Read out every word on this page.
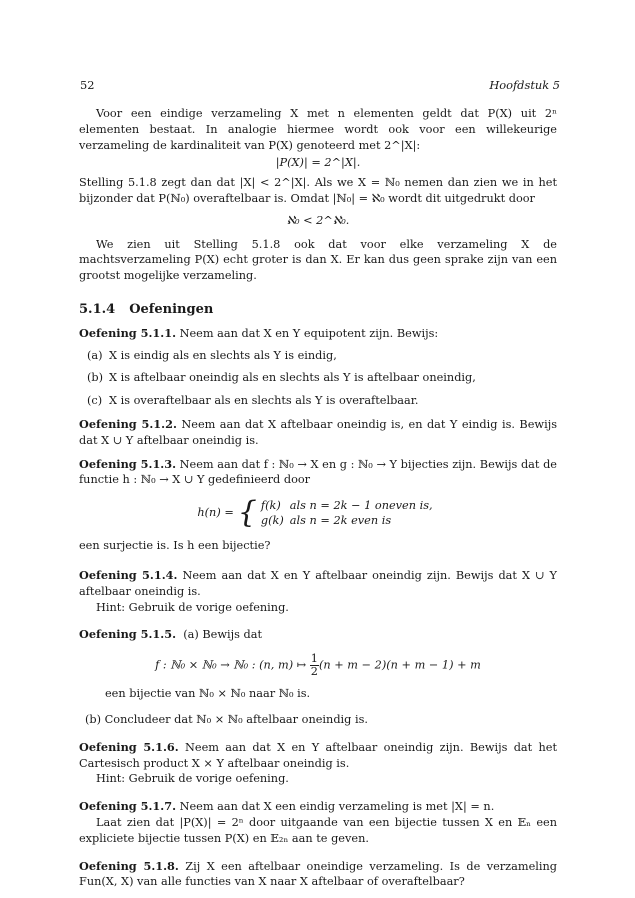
52	Hoofdstuk 5

Voor een eindige verzameling X met n elementen geldt dat P(X) uit 2ⁿ elementen bestaat. In analogie hiermee wordt ook voor een willekeurige verzameling de kardinaliteit van P(X) genoteerd met 2^|X|:

|P(X)| = 2^|X|.

Stelling 5.1.8 zegt dan dat |X| < 2^|X|. Als we X = ℕ₀ nemen dan zien we in het bijzonder dat P(ℕ₀) overaftelbaar is. Omdat |ℕ₀| = ℵ₀ wordt dit uitgedrukt door

ℵ₀ < 2^ℵ₀.

We zien uit Stelling 5.1.8 ook dat voor elke verzameling X de machtsverzameling P(X) echt groter is dan X. Er kan dus geen sprake zijn van een grootst mogelijke verzameling.

5.1.4 Oefeningen

Oefening 5.1.1. Neem aan dat X en Y equipotent zijn. Bewijs:

(a) X is eindig als en slechts als Y is eindig,
(b) X is aftelbaar oneindig als en slechts als Y is aftelbaar oneindig,
(c) X is overaftelbaar als en slechts als Y is overaftelbaar.

Oefening 5.1.2. Neem aan dat X aftelbaar oneindig is, en dat Y eindig is. Bewijs dat X ∪ Y aftelbaar oneindig is.

Oefening 5.1.3. Neem aan dat f : ℕ₀ → X en g : ℕ₀ → Y bijecties zijn. Bewijs dat de functie h : ℕ₀ → X ∪ Y gedefinieerd door

h(n) = { f(k)	als n = 2k − 1 oneven is,
g(k)	als n = 2k even is

een surjectie is. Is h een bijectie?

Oefening 5.1.4. Neem aan dat X en Y aftelbaar oneindig zijn. Bewijs dat X ∪ Y aftelbaar oneindig is.

Hint: Gebruik de vorige oefening.

Oefening 5.1.5. (a) Bewijs dat

f : ℕ₀ × ℕ₀ → ℕ₀ : (n, m) ↦ $\frac{1}{2} (n + m - 2)(n + m - 1) + m$

een bijectie van ℕ₀ × ℕ₀ naar ℕ₀ is.

(b) Concludeer dat ℕ₀ × ℕ₀ aftelbaar oneindig is.

Oefening 5.1.6. Neem aan dat X en Y aftelbaar oneindig zijn. Bewijs dat het Cartesisch product X × Y aftelbaar oneindig is.

Hint: Gebruik de vorige oefening.

Oefening 5.1.7. Neem aan dat X een eindig verzameling is met |X| = n.

Laat zien dat |P(X)| = 2ⁿ door uitgaande van een bijectie tussen X en 𝔼ₙ een expliciete bijectie tussen P(X) en 𝔼₂ₙ aan te geven.

Oefening 5.1.8. Zij X een aftelbaar oneindige verzameling. Is de verzameling Fun(X, X) van alle functies van X naar X aftelbaar of overaftelbaar?
